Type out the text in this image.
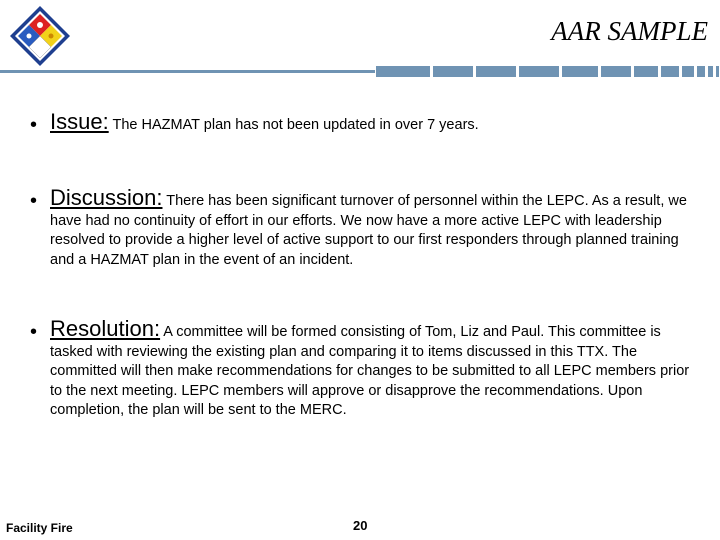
AAR SAMPLE
• Issue: The HAZMAT plan has not been updated in over 7 years.
• Discussion: There has been significant turnover of personnel within the LEPC. As a result, we have had no continuity of effort in our efforts. We now have a more active LEPC with leadership resolved to provide a higher level of active support to our first responders through planned training and a HAZMAT plan in the event of an incident.
• Resolution: A committee will be formed consisting of Tom, Liz and Paul. This committee is tasked with reviewing the existing plan and comparing it to items discussed in this TTX. The committed will then make recommendations for changes to be submitted to all LEPC members prior to the next meeting. LEPC members will approve or disapprove the recommendations. Upon completion, the plan will be sent to the MERC.
Facility Fire	20
